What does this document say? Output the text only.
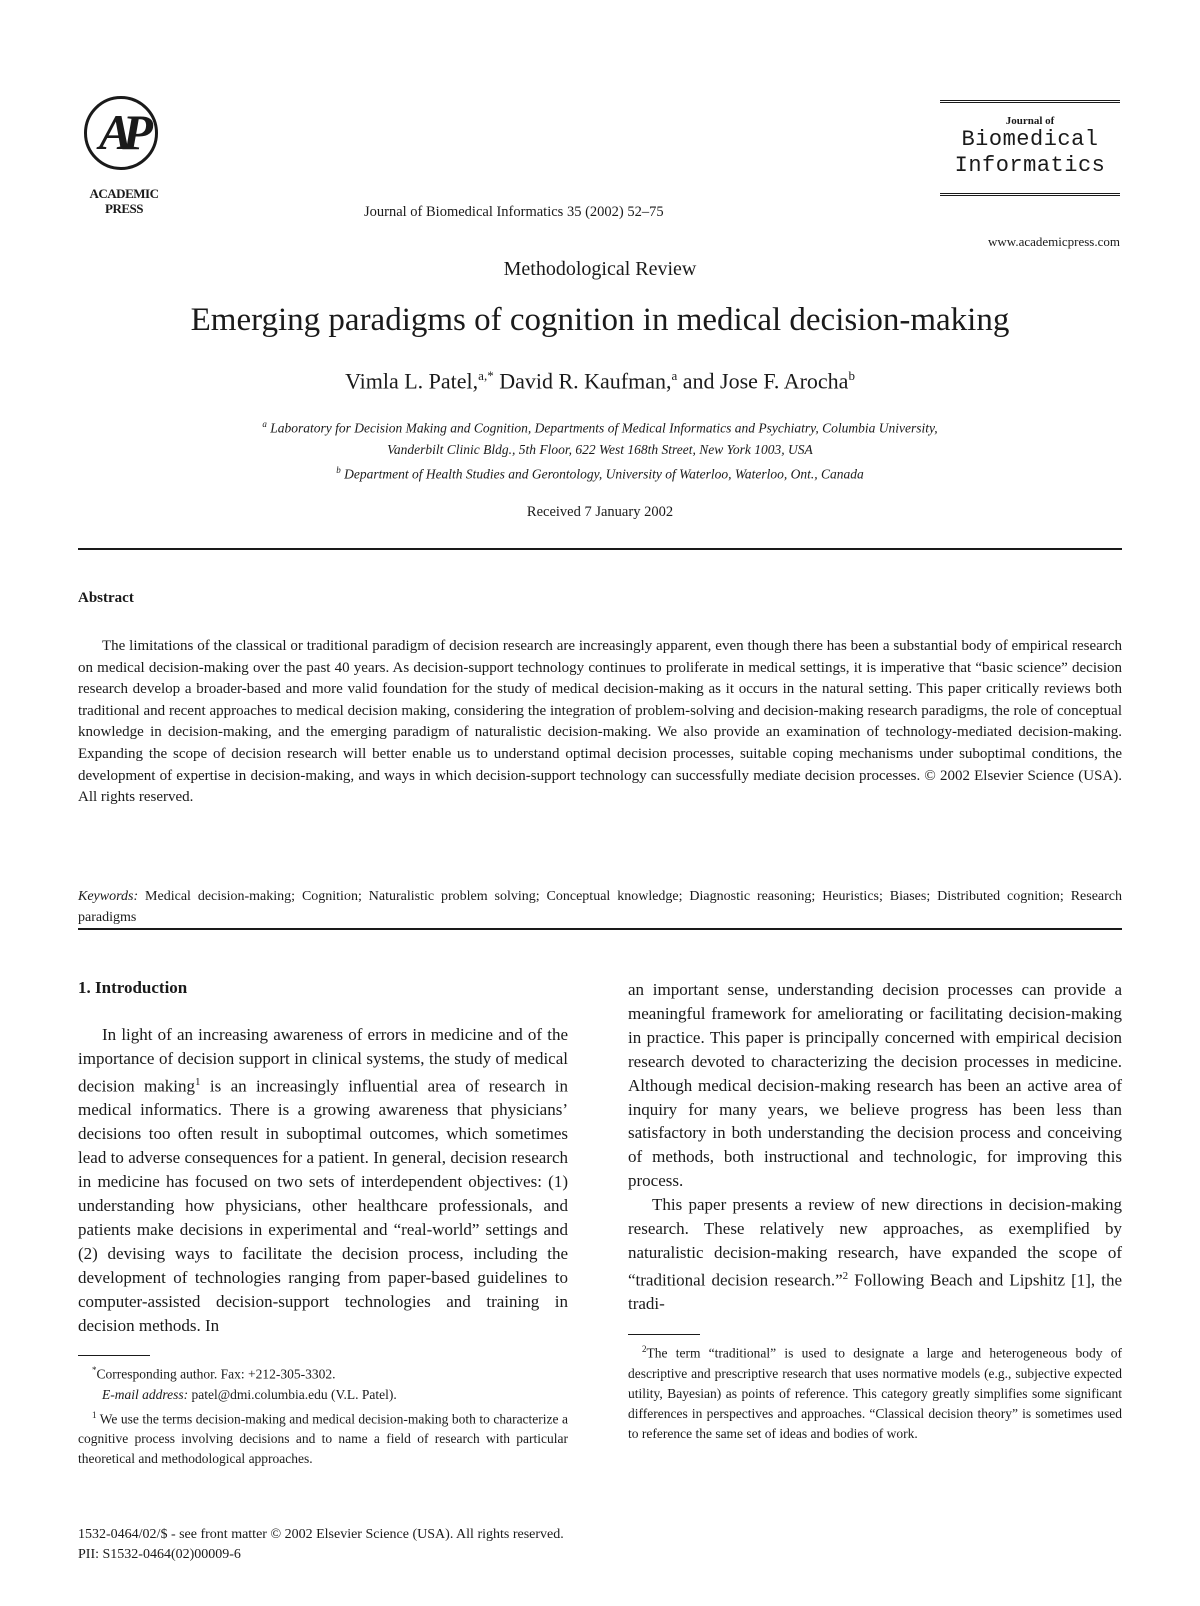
AP
ACADEMIC
PRESS	Journal of Biomedical Informatics 35 (2002) 52–75
Journal of
Biomedical
Informatics
www.academicpress.com
Methodological Review
Emerging paradigms of cognition in medical decision-making
Vimla L. Patel,$^{a,*}$ David R. Kaufman,$^a$ and Jose F. Arocha$^b$
$^a$ Laboratory for Decision Making and Cognition, Departments of Medical Informatics and Psychiatry, Columbia University,
Vanderbilt Clinic Bldg., 5th Floor, 622 West 168th Street, New York 1003, USA
$^b$ Department of Health Studies and Gerontology, University of Waterloo, Waterloo, Ont., Canada
Received 7 January 2002
Abstract

The limitations of the classical or traditional paradigm of decision research are increasingly apparent, even though there has been a substantial body of empirical research on medical decision-making over the past 40 years. As decision-support technology continues to proliferate in medical settings, it is imperative that “basic science” decision research develop a broader-based and more valid foundation for the study of medical decision-making as it occurs in the natural setting. This paper critically reviews both traditional and recent approaches to medical decision making, considering the integration of problem-solving and decision-making research paradigms, the role of conceptual knowledge in decision-making, and the emerging paradigm of naturalistic decision-making. We also provide an examination of technology-mediated decision-making. Expanding the scope of decision research will better enable us to understand optimal decision processes, suitable coping mechanisms under suboptimal conditions, the development of expertise in decision-making, and ways in which decision-support technology can successfully mediate decision processes. © 2002 Elsevier Science (USA). All rights reserved.

Keywords: Medical decision-making; Cognition; Naturalistic problem solving; Conceptual knowledge; Diagnostic reasoning; Heuristics; Biases; Distributed cognition; Research paradigms
1. Introduction

In light of an increasing awareness of errors in medicine and of the importance of decision support in clinical systems, the study of medical decision making$^1$ is an increasingly influential area of research in medical informatics. There is a growing awareness that physicians’ decisions too often result in suboptimal outcomes, which sometimes lead to adverse consequences for a patient. In general, decision research in medicine has focused on two sets of interdependent objectives: (1) understanding how physicians, other healthcare professionals, and patients make decisions in experimental and “real-world” settings and (2) devising ways to facilitate the decision process, including the development of technologies ranging from paper-based guidelines to computer-assisted decision-support technologies and training in decision methods. In

*Corresponding author. Fax: +212-305-3302.

E-mail address: patel@dmi.columbia.edu (V.L. Patel).

$^1$ We use the terms decision-making and medical decision-making both to characterize a cognitive process involving decisions and to name a field of research with particular theoretical and methodological approaches.

an important sense, understanding decision processes can provide a meaningful framework for ameliorating or facilitating decision-making in practice. This paper is principally concerned with empirical decision research devoted to characterizing the decision processes in medicine. Although medical decision-making research has been an active area of inquiry for many years, we believe progress has been less than satisfactory in both understanding the decision process and conceiving of methods, both instructional and technologic, for improving this process.

This paper presents a review of new directions in decision-making research. These relatively new approaches, as exemplified by naturalistic decision-making research, have expanded the scope of “traditional decision research.”$^2$ Following Beach and Lipshitz [1], the tradi-

$^2$The term “traditional” is used to designate a large and heterogeneous body of descriptive and prescriptive research that uses normative models (e.g., subjective expected utility, Bayesian) as points of reference. This category greatly simplifies some significant differences in perspectives and approaches. “Classical decision theory” is sometimes used to reference the same set of ideas and bodies of work.

1532-0464/02/$ - see front matter © 2002 Elsevier Science (USA). All rights reserved.
PII: S1532-0464(02)00009-6
